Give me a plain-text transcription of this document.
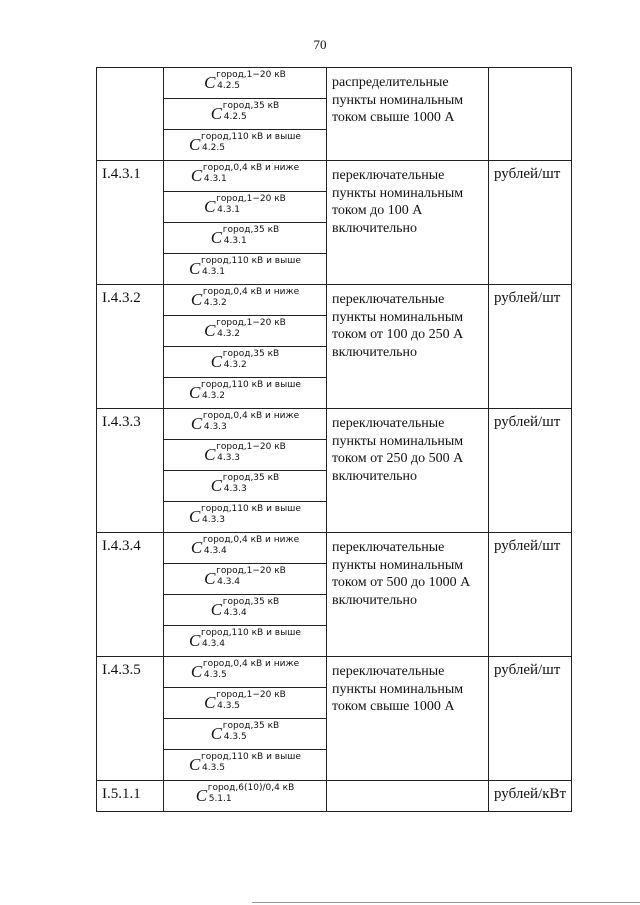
70

	C город,1−20 кВ
4.2.5	распределительные пункты номинальным током свыше 1000 А	

	C город,35 кВ
4.2.5		

	C город,110 кВ и выше
4.2.5		

I.4.3.1	C город,0,4 кВ и ниже
4.3.1	переключательные пункты номинальным током до 100 А включительно	рублей/шт

	C город,1−20 кВ
4.3.1		

	C город,35 кВ
4.3.1		

	C город,110 кВ и выше
4.3.1		

I.4.3.2	C город,0,4 кВ и ниже
4.3.2	переключательные пункты номинальным током от 100 до 250 А включительно	рублей/шт

	C город,1−20 кВ
4.3.2		

	C город,35 кВ
4.3.2		

	C город,110 кВ и выше
4.3.2		

I.4.3.3	C город,0,4 кВ и ниже
4.3.3	переключательные пункты номинальным током от 250 до 500 А включительно	рублей/шт

	C город,1−20 кВ
4.3.3		

	C город,35 кВ
4.3.3		

	C город,110 кВ и выше
4.3.3		

I.4.3.4	C город,0,4 кВ и ниже
4.3.4	переключательные пункты номинальным током от 500 до 1000 А включительно	рублей/шт

	C город,1−20 кВ
4.3.4		

	C город,35 кВ
4.3.4		

	C город,110 кВ и выше
4.3.4		

I.4.3.5	C город,0,4 кВ и ниже
4.3.5	переключательные пункты номинальным током свыше 1000 А	рублей/шт

	C город,1−20 кВ
4.3.5		

	C город,35 кВ
4.3.5		

	C город,110 кВ и выше
4.3.5		

I.5.1.1	C город,6(10)/0,4 кВ
5.1.1		рублей/кВт
